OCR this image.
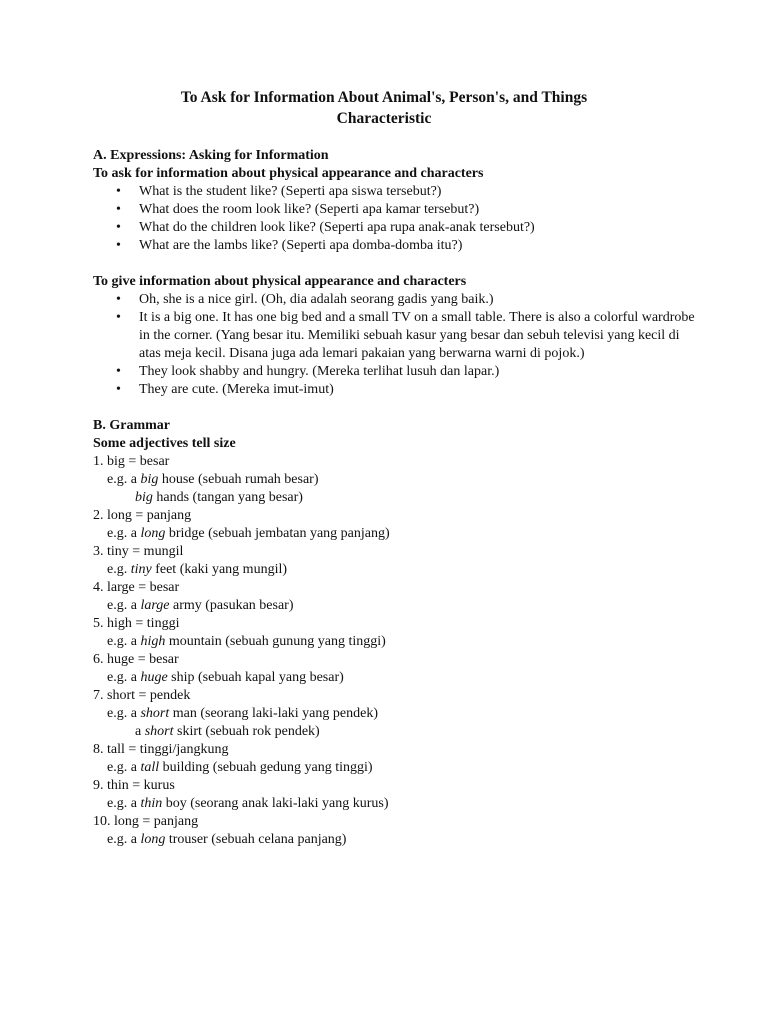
To Ask for Information About Animal's, Person's, and Things
Characteristic

A. Expressions: Asking for Information

To ask for information about physical appearance and characters

• What is the student like? (Seperti apa siswa tersebut?)
• What does the room look like? (Seperti apa kamar tersebut?)
• What do the children look like? (Seperti apa rupa anak-anak tersebut?)
• What are the lambs like? (Seperti apa domba-domba itu?)

To give information about physical appearance and characters

• Oh, she is a nice girl. (Oh, dia adalah seorang gadis yang baik.)
• It is a big one. It has one big bed and a small TV on a small table. There is also a colorful wardrobe in the corner. (Yang besar itu. Memiliki sebuah kasur yang besar dan sebuh televisi yang kecil di atas meja kecil. Disana juga ada lemari pakaian yang berwarna warni di pojok.)
• They look shabby and hungry. (Mereka terlihat lusuh dan lapar.)
• They are cute. (Mereka imut-imut)

B. Grammar

Some adjectives tell size

1. big = besar

e.g. a big house (sebuah rumah besar)

big hands (tangan yang besar)

2. long = panjang

e.g. a long bridge (sebuah jembatan yang panjang)

3. tiny = mungil

e.g. tiny feet (kaki yang mungil)

4. large = besar

e.g. a large army (pasukan besar)

5. high = tinggi

e.g. a high mountain (sebuah gunung yang tinggi)

6. huge = besar

e.g. a huge ship (sebuah kapal yang besar)

7. short = pendek

e.g. a short man (seorang laki-laki yang pendek)

a short skirt (sebuah rok pendek)

8. tall = tinggi/jangkung

e.g. a tall building (sebuah gedung yang tinggi)

9. thin = kurus

e.g. a thin boy (seorang anak laki-laki yang kurus)

10. long = panjang

e.g. a long trouser (sebuah celana panjang)
